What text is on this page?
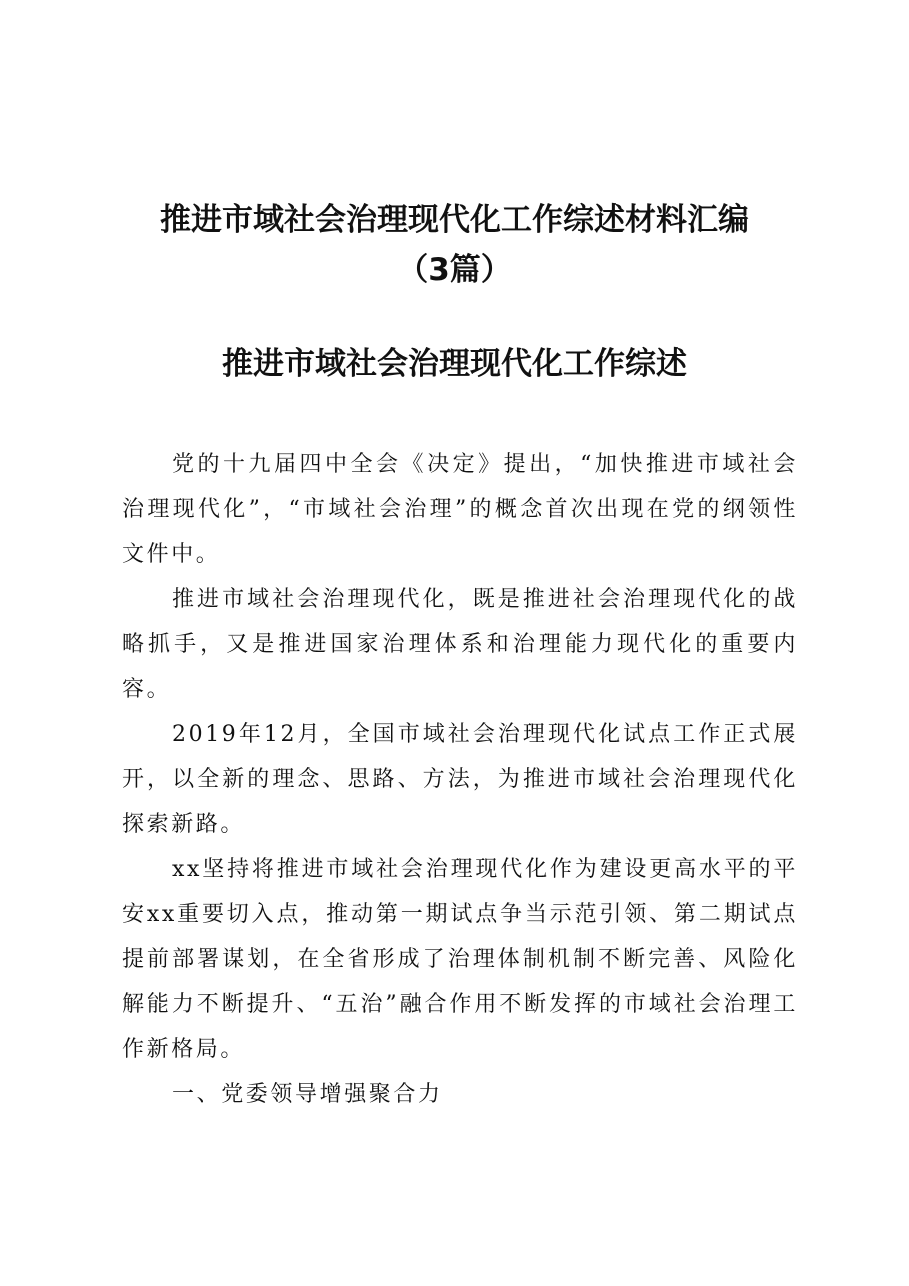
推进市域社会治理现代化工作综述材料汇编
（3篇）
推进市域社会治理现代化工作综述

党的十九届四中全会《决定》提出，“加快推进市域社会治理现代化”，“市域社会治理”的概念首次出现在党的纲领性文件中。

推进市域社会治理现代化，既是推进社会治理现代化的战略抓手，又是推进国家治理体系和治理能力现代化的重要内容。

2019年12月，全国市域社会治理现代化试点工作正式展开，以全新的理念、思路、方法，为推进市域社会治理现代化探索新路。

xx坚持将推进市域社会治理现代化作为建设更高水平的平安xx重要切入点，推动第一期试点争当示范引领、第二期试点提前部署谋划，在全省形成了治理体制机制不断完善、风险化解能力不断提升、“五治”融合作用不断发挥的市域社会治理工作新格局。

一、党委领导增强聚合力
